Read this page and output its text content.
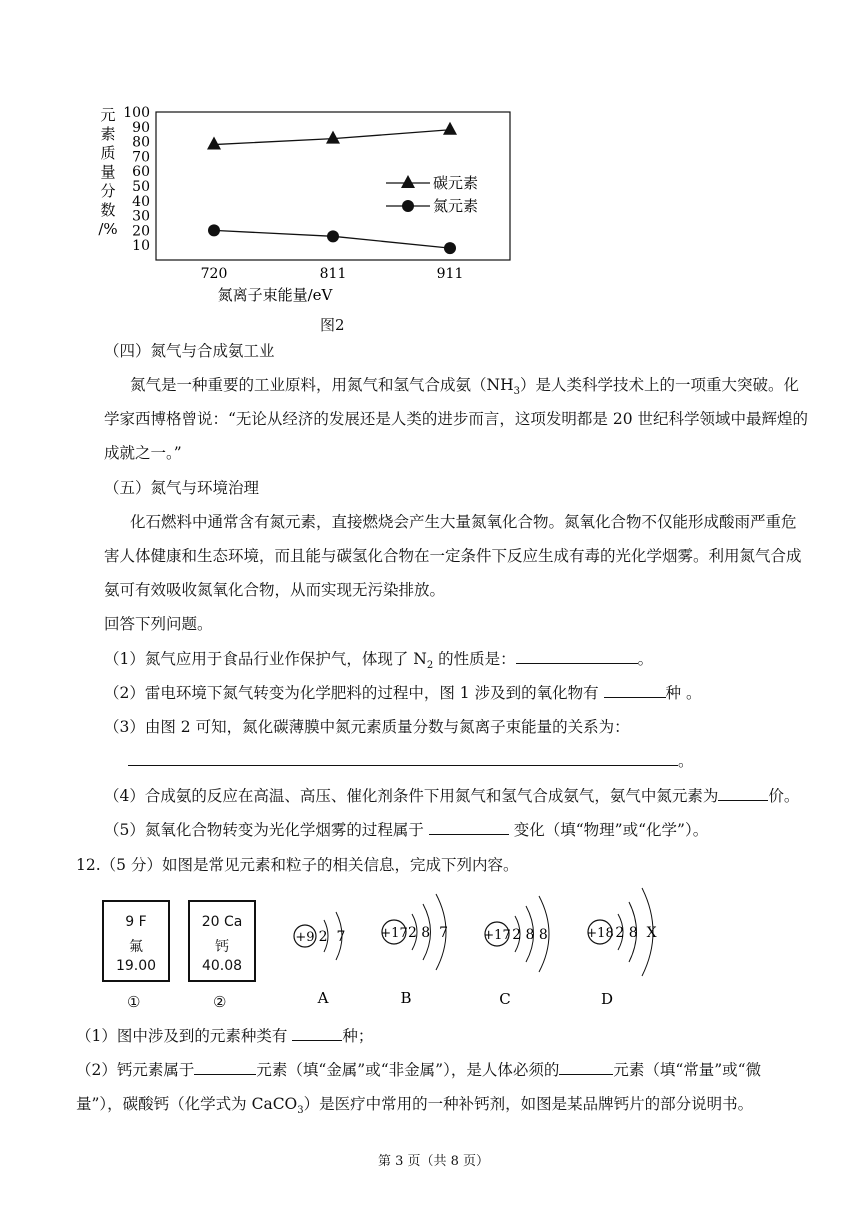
元
素
质
量
分
数
/%
100
90
80
70
60
50
40
30
20
10
720	811	911
碳元素
氮元素
氮离子束能量/eV
图2
（四）氮气与合成氨工业
氮气是一种重要的工业原料，用氮气和氢气合成氨$(NH_3)$是人类科学技术上的一项重大突破。化
学家西博格曾说：“无论从经济的发展还是人类的进步而言，这项发明都是 20 世纪科学领域中最辉煌的
成就之一。”
（五）氮气与环境治理
化石燃料中通常含有氮元素，直接燃烧会产生大量氮氧化合物。氮氧化合物不仅能形成酸雨严重危
害人体健康和生态环境，而且能与碳氢化合物在一定条件下反应生成有毒的光化学烟雾。利用氮气合成
氨可有效吸收氮氧化合物，从而实现无污染排放。
回答下列问题。
（1）氮气应用于食品行业作保护气，体现了 $N_2$ 的性质是：	。
（2）雷电环境下氮气转变为化学肥料的过程中，图 1 涉及到的氧化物有	种 。
（3）由图 2 可知，氮化碳薄膜中氮元素质量分数与氮离子束能量的关系为：
。
（4）合成氨的反应在高温、高压、催化剂条件下用氮气和氢气合成氨气，氨气中氮元素为	价。
（5）氮氧化合物转变为光化学烟雾的过程属于	变化（填“物理”或“化学”）。
12.（5 分）如图是常见元素和粒子的相关信息，完成下列内容。
9 F
氟
19.00
①
20 Ca
钙
40.08
②
+9 2  7
A
+17 2 8  7
B
+17 2 8 8
C
+18 2 8  X
D
（1）图中涉及到的元素种类有	种；
（2）钙元素属于	元素（填“金属”或“非金属”），是人体必须的	元素（填“常量”或“微
量”），碳酸钙（化学式为 CaCO$_3$）是医疗中常用的一种补钙剂，如图是某品牌钙片的部分说明书。
第 3 页（共 8 页）
